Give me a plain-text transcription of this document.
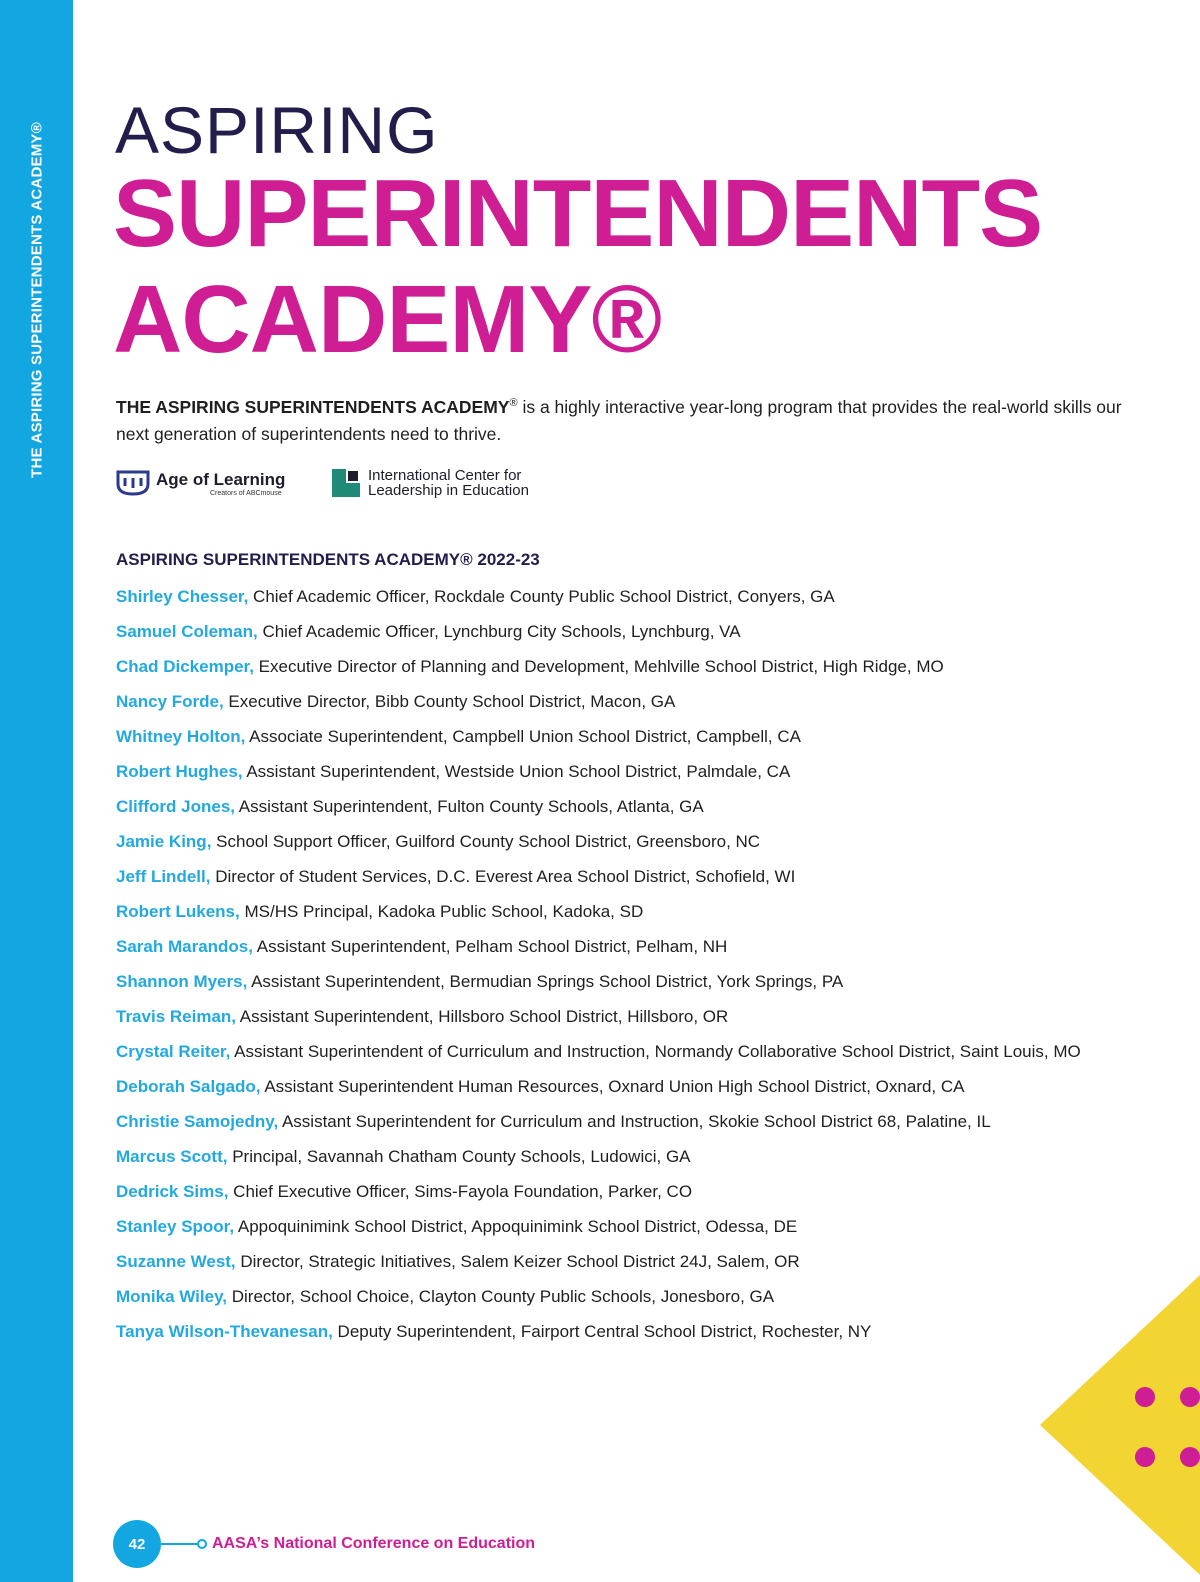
THE ASPIRING SUPERINTENDENTS ACADEMY® ASPIRING
SUPERINTENDENTS
ACADEMY®

THE ASPIRING SUPERINTENDENTS ACADEMY® is a highly interactive year-long program that provides the real-world skills our next generation of superintendents need to thrive.

Age of Learning
Creators of ABCmouse
International Center for
Leadership in Education
ASPIRING SUPERINTENDENTS ACADEMY® 2022-23
Shirley Chesser, Chief Academic Officer, Rockdale County Public School District, Conyers, GA
Samuel Coleman, Chief Academic Officer, Lynchburg City Schools, Lynchburg, VA
Chad Dickemper, Executive Director of Planning and Development, Mehlville School District, High Ridge, MO
Nancy Forde, Executive Director, Bibb County School District, Macon, GA
Whitney Holton, Associate Superintendent, Campbell Union School District, Campbell, CA
Robert Hughes, Assistant Superintendent, Westside Union School District, Palmdale, CA
Clifford Jones, Assistant Superintendent, Fulton County Schools, Atlanta, GA
Jamie King, School Support Officer, Guilford County School District, Greensboro, NC
Jeff Lindell, Director of Student Services, D.C. Everest Area School District, Schofield, WI
Robert Lukens, MS/HS Principal, Kadoka Public School, Kadoka, SD
Sarah Marandos, Assistant Superintendent, Pelham School District, Pelham, NH
Shannon Myers, Assistant Superintendent, Bermudian Springs School District, York Springs, PA
Travis Reiman, Assistant Superintendent, Hillsboro School District, Hillsboro, OR
Crystal Reiter, Assistant Superintendent of Curriculum and Instruction, Normandy Collaborative School District, Saint Louis, MO
Deborah Salgado, Assistant Superintendent Human Resources, Oxnard Union High School District, Oxnard, CA
Christie Samojedny, Assistant Superintendent for Curriculum and Instruction, Skokie School District 68, Palatine, IL
Marcus Scott, Principal, Savannah Chatham County Schools, Ludowici, GA
Dedrick Sims, Chief Executive Officer, Sims-Fayola Foundation, Parker, CO
Stanley Spoor, Appoquinimink School District, Appoquinimink School District, Odessa, DE
Suzanne West, Director, Strategic Initiatives, Salem Keizer School District 24J, Salem, OR
Monika Wiley, Director, School Choice, Clayton County Public Schools, Jonesboro, GA
Tanya Wilson-Thevanesan, Deputy Superintendent, Fairport Central School District, Rochester, NY
42	AASA’s National Conference on Education
